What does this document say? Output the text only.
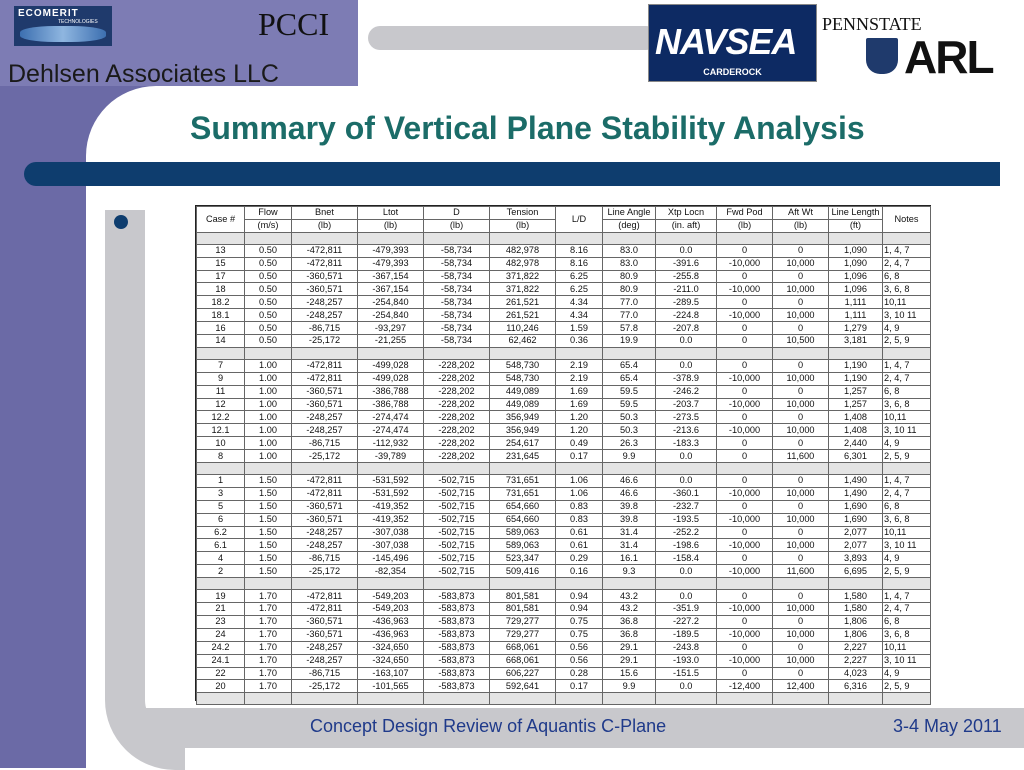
ECOMERIT
TECHNOLOGIES	PCCI
Dehlsen Associates LLC
NAVSEA
CARDEROCK
PENNSTATE
ARL
Summary of Vertical Plane Stability Analysis
Case #	Flow	Bnet	Ltot	D	Tension	L/D	Line Angle	Xtp Locn	Fwd Pod	Aft Wt	Line Length	Notes
	(m/s)	(lb)	(lb)	(lb)	(lb)		(deg)	(in. aft)	(lb)	(lb)	(ft)	

13	0.50	-472,811	-479,393	-58,734	482,978	8.16	83.0	0.0	0	0	1,090	1, 4, 7
15	0.50	-472,811	-479,393	-58,734	482,978	8.16	83.0	-391.6	-10,000	10,000	1,090	2, 4, 7
17	0.50	-360,571	-367,154	-58,734	371,822	6.25	80.9	-255.8	0	0	1,096	6, 8
18	0.50	-360,571	-367,154	-58,734	371,822	6.25	80.9	-211.0	-10,000	10,000	1,096	3, 6, 8
18.2	0.50	-248,257	-254,840	-58,734	261,521	4.34	77.0	-289.5	0	0	1,111	10,11
18.1	0.50	-248,257	-254,840	-58,734	261,521	4.34	77.0	-224.8	-10,000	10,000	1,111	3, 10 11
16	0.50	-86,715	-93,297	-58,734	110,246	1.59	57.8	-207.8	0	0	1,279	4, 9
14	0.50	-25,172	-21,255	-58,734	62,462	0.36	19.9	0.0	0	10,500	3,181	2, 5, 9

7	1.00	-472,811	-499,028	-228,202	548,730	2.19	65.4	0.0	0	0	1,190	1, 4, 7
9	1.00	-472,811	-499,028	-228,202	548,730	2.19	65.4	-378.9	-10,000	10,000	1,190	2, 4, 7
11	1.00	-360,571	-386,788	-228,202	449,089	1.69	59.5	-246.2	0	0	1,257	6, 8
12	1.00	-360,571	-386,788	-228,202	449,089	1.69	59.5	-203.7	-10,000	10,000	1,257	3, 6, 8
12.2	1.00	-248,257	-274,474	-228,202	356,949	1.20	50.3	-273.5	0	0	1,408	10,11
12.1	1.00	-248,257	-274,474	-228,202	356,949	1.20	50.3	-213.6	-10,000	10,000	1,408	3, 10 11
10	1.00	-86,715	-112,932	-228,202	254,617	0.49	26.3	-183.3	0	0	2,440	4, 9
8	1.00	-25,172	-39,789	-228,202	231,645	0.17	9.9	0.0	0	11,600	6,301	2, 5, 9

1	1.50	-472,811	-531,592	-502,715	731,651	1.06	46.6	0.0	0	0	1,490	1, 4, 7
3	1.50	-472,811	-531,592	-502,715	731,651	1.06	46.6	-360.1	-10,000	10,000	1,490	2, 4, 7
5	1.50	-360,571	-419,352	-502,715	654,660	0.83	39.8	-232.7	0	0	1,690	6, 8
6	1.50	-360,571	-419,352	-502,715	654,660	0.83	39.8	-193.5	-10,000	10,000	1,690	3, 6, 8
6.2	1.50	-248,257	-307,038	-502,715	589,063	0.61	31.4	-252.2	0	0	2,077	10,11
6.1	1.50	-248,257	-307,038	-502,715	589,063	0.61	31.4	-198.6	-10,000	10,000	2,077	3, 10 11
4	1.50	-86,715	-145,496	-502,715	523,347	0.29	16.1	-158.4	0	0	3,893	4, 9
2	1.50	-25,172	-82,354	-502,715	509,416	0.16	9.3	0.0	-10,000	11,600	6,695	2, 5, 9

19	1.70	-472,811	-549,203	-583,873	801,581	0.94	43.2	0.0	0	0	1,580	1, 4, 7
21	1.70	-472,811	-549,203	-583,873	801,581	0.94	43.2	-351.9	-10,000	10,000	1,580	2, 4, 7
23	1.70	-360,571	-436,963	-583,873	729,277	0.75	36.8	-227.2	0	0	1,806	6, 8
24	1.70	-360,571	-436,963	-583,873	729,277	0.75	36.8	-189.5	-10,000	10,000	1,806	3, 6, 8
24.2	1.70	-248,257	-324,650	-583,873	668,061	0.56	29.1	-243.8	0	0	2,227	10,11
24.1	1.70	-248,257	-324,650	-583,873	668,061	0.56	29.1	-193.0	-10,000	10,000	2,227	3, 10 11
22	1.70	-86,715	-163,107	-583,873	606,227	0.28	15.6	-151.5	0	0	4,023	4, 9
20	1.70	-25,172	-101,565	-583,873	592,641	0.17	9.9	0.0	-12,400	12,400	6,316	2, 5, 9

Concept Design Review of Aquantis C-Plane	3-4 May 2011
